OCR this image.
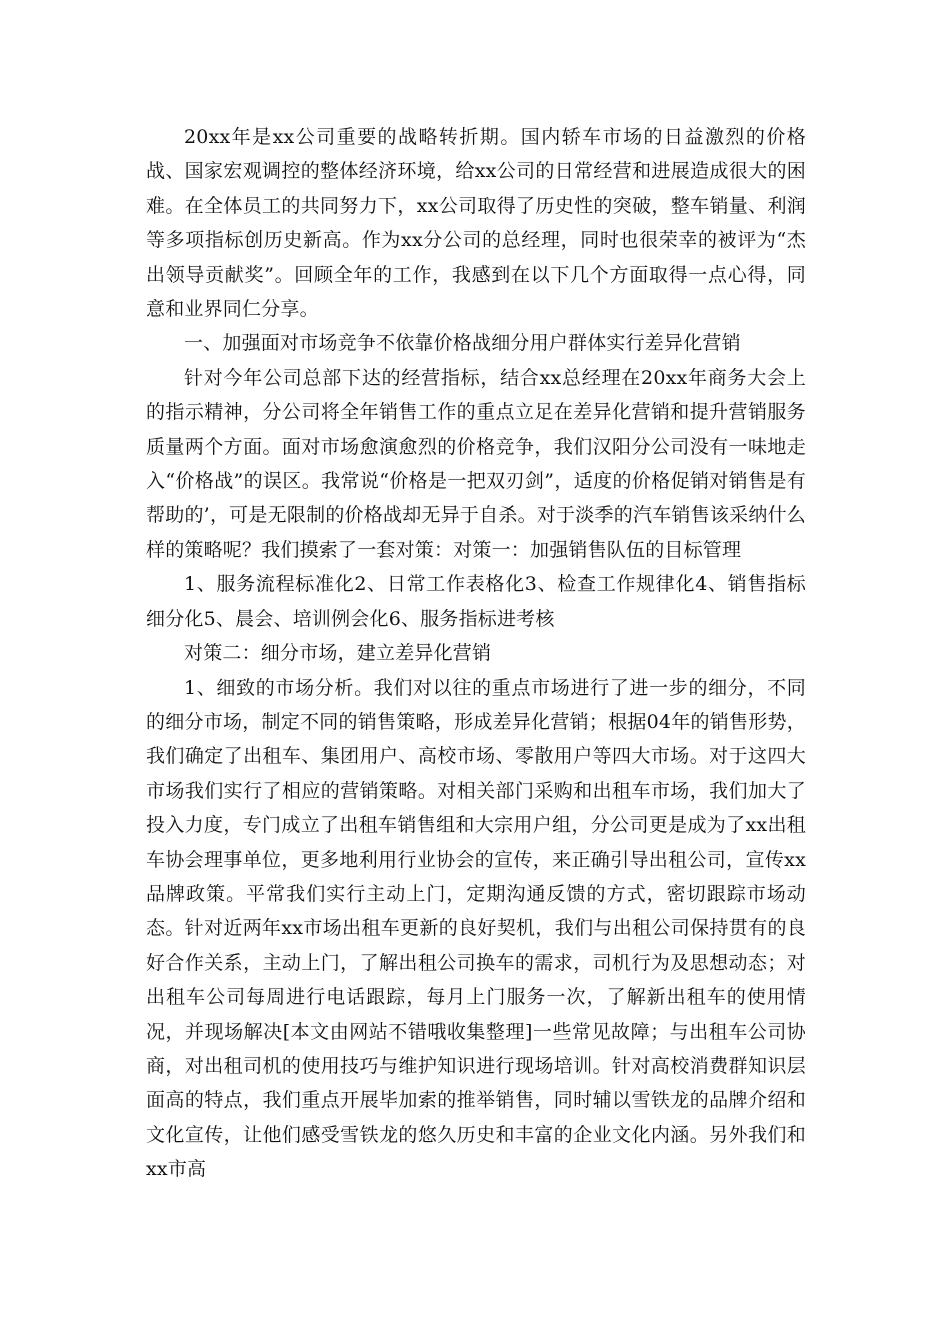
20xx年是xx公司重要的战略转折期。国内轿车市场的日益激烈的价格战、国家宏观调控的整体经济环境，给xx公司的日常经营和进展造成很大的困难。在全体员工的共同努力下，xx公司取得了历史性的突破，整车销量、利润等多项指标创历史新高。作为xx分公司的总经理，同时也很荣幸的被评为“杰出领导贡献奖”。回顾全年的工作，我感到在以下几个方面取得一点心得，同意和业界同仁分享。

一、加强面对市场竞争不依靠价格战细分用户群体实行差异化营销

针对今年公司总部下达的经营指标，结合xx总经理在20xx年商务大会上的指示精神，分公司将全年销售工作的重点立足在差异化营销和提升营销服务质量两个方面。面对市场愈演愈烈的价格竞争，我们汉阳分公司没有一味地走入“价格战”的误区。我常说“价格是一把双刃剑”，适度的价格促销对销售是有帮助的’，可是无限制的价格战却无异于自杀。对于淡季的汽车销售该采纳什么样的策略呢？我们摸索了一套对策：对策一：加强销售队伍的目标管理

1、服务流程标准化2、日常工作表格化3、检查工作规律化4、销售指标细分化5、晨会、培训例会化6、服务指标进考核

对策二：细分市场，建立差异化营销

1、细致的市场分析。我们对以往的重点市场进行了进一步的细分，不同的细分市场，制定不同的销售策略，形成差异化营销；根据04年的销售形势，我们确定了出租车、集团用户、高校市场、零散用户等四大市场。对于这四大市场我们实行了相应的营销策略。对相关部门采购和出租车市场，我们加大了投入力度，专门成立了出租车销售组和大宗用户组，分公司更是成为了xx出租车协会理事单位，更多地利用行业协会的宣传，来正确引导出租公司，宣传xx品牌政策。平常我们实行主动上门，定期沟通反馈的方式，密切跟踪市场动态。针对近两年xx市场出租车更新的良好契机，我们与出租公司保持贯有的良好合作关系，主动上门，了解出租公司换车的需求，司机行为及思想动态；对出租车公司每周进行电话跟踪，每月上门服务一次，了解新出租车的使用情况，并现场解决[本文由网站不错哦收集整理]一些常见故障；与出租车公司协商，对出租司机的使用技巧与维护知识进行现场培训。针对高校消费群知识层面高的特点，我们重点开展毕加索的推举销售，同时辅以雪铁龙的品牌介绍和文化宣传，让他们感受雪铁龙的悠久历史和丰富的企业文化内涵。另外我们和xx市高
